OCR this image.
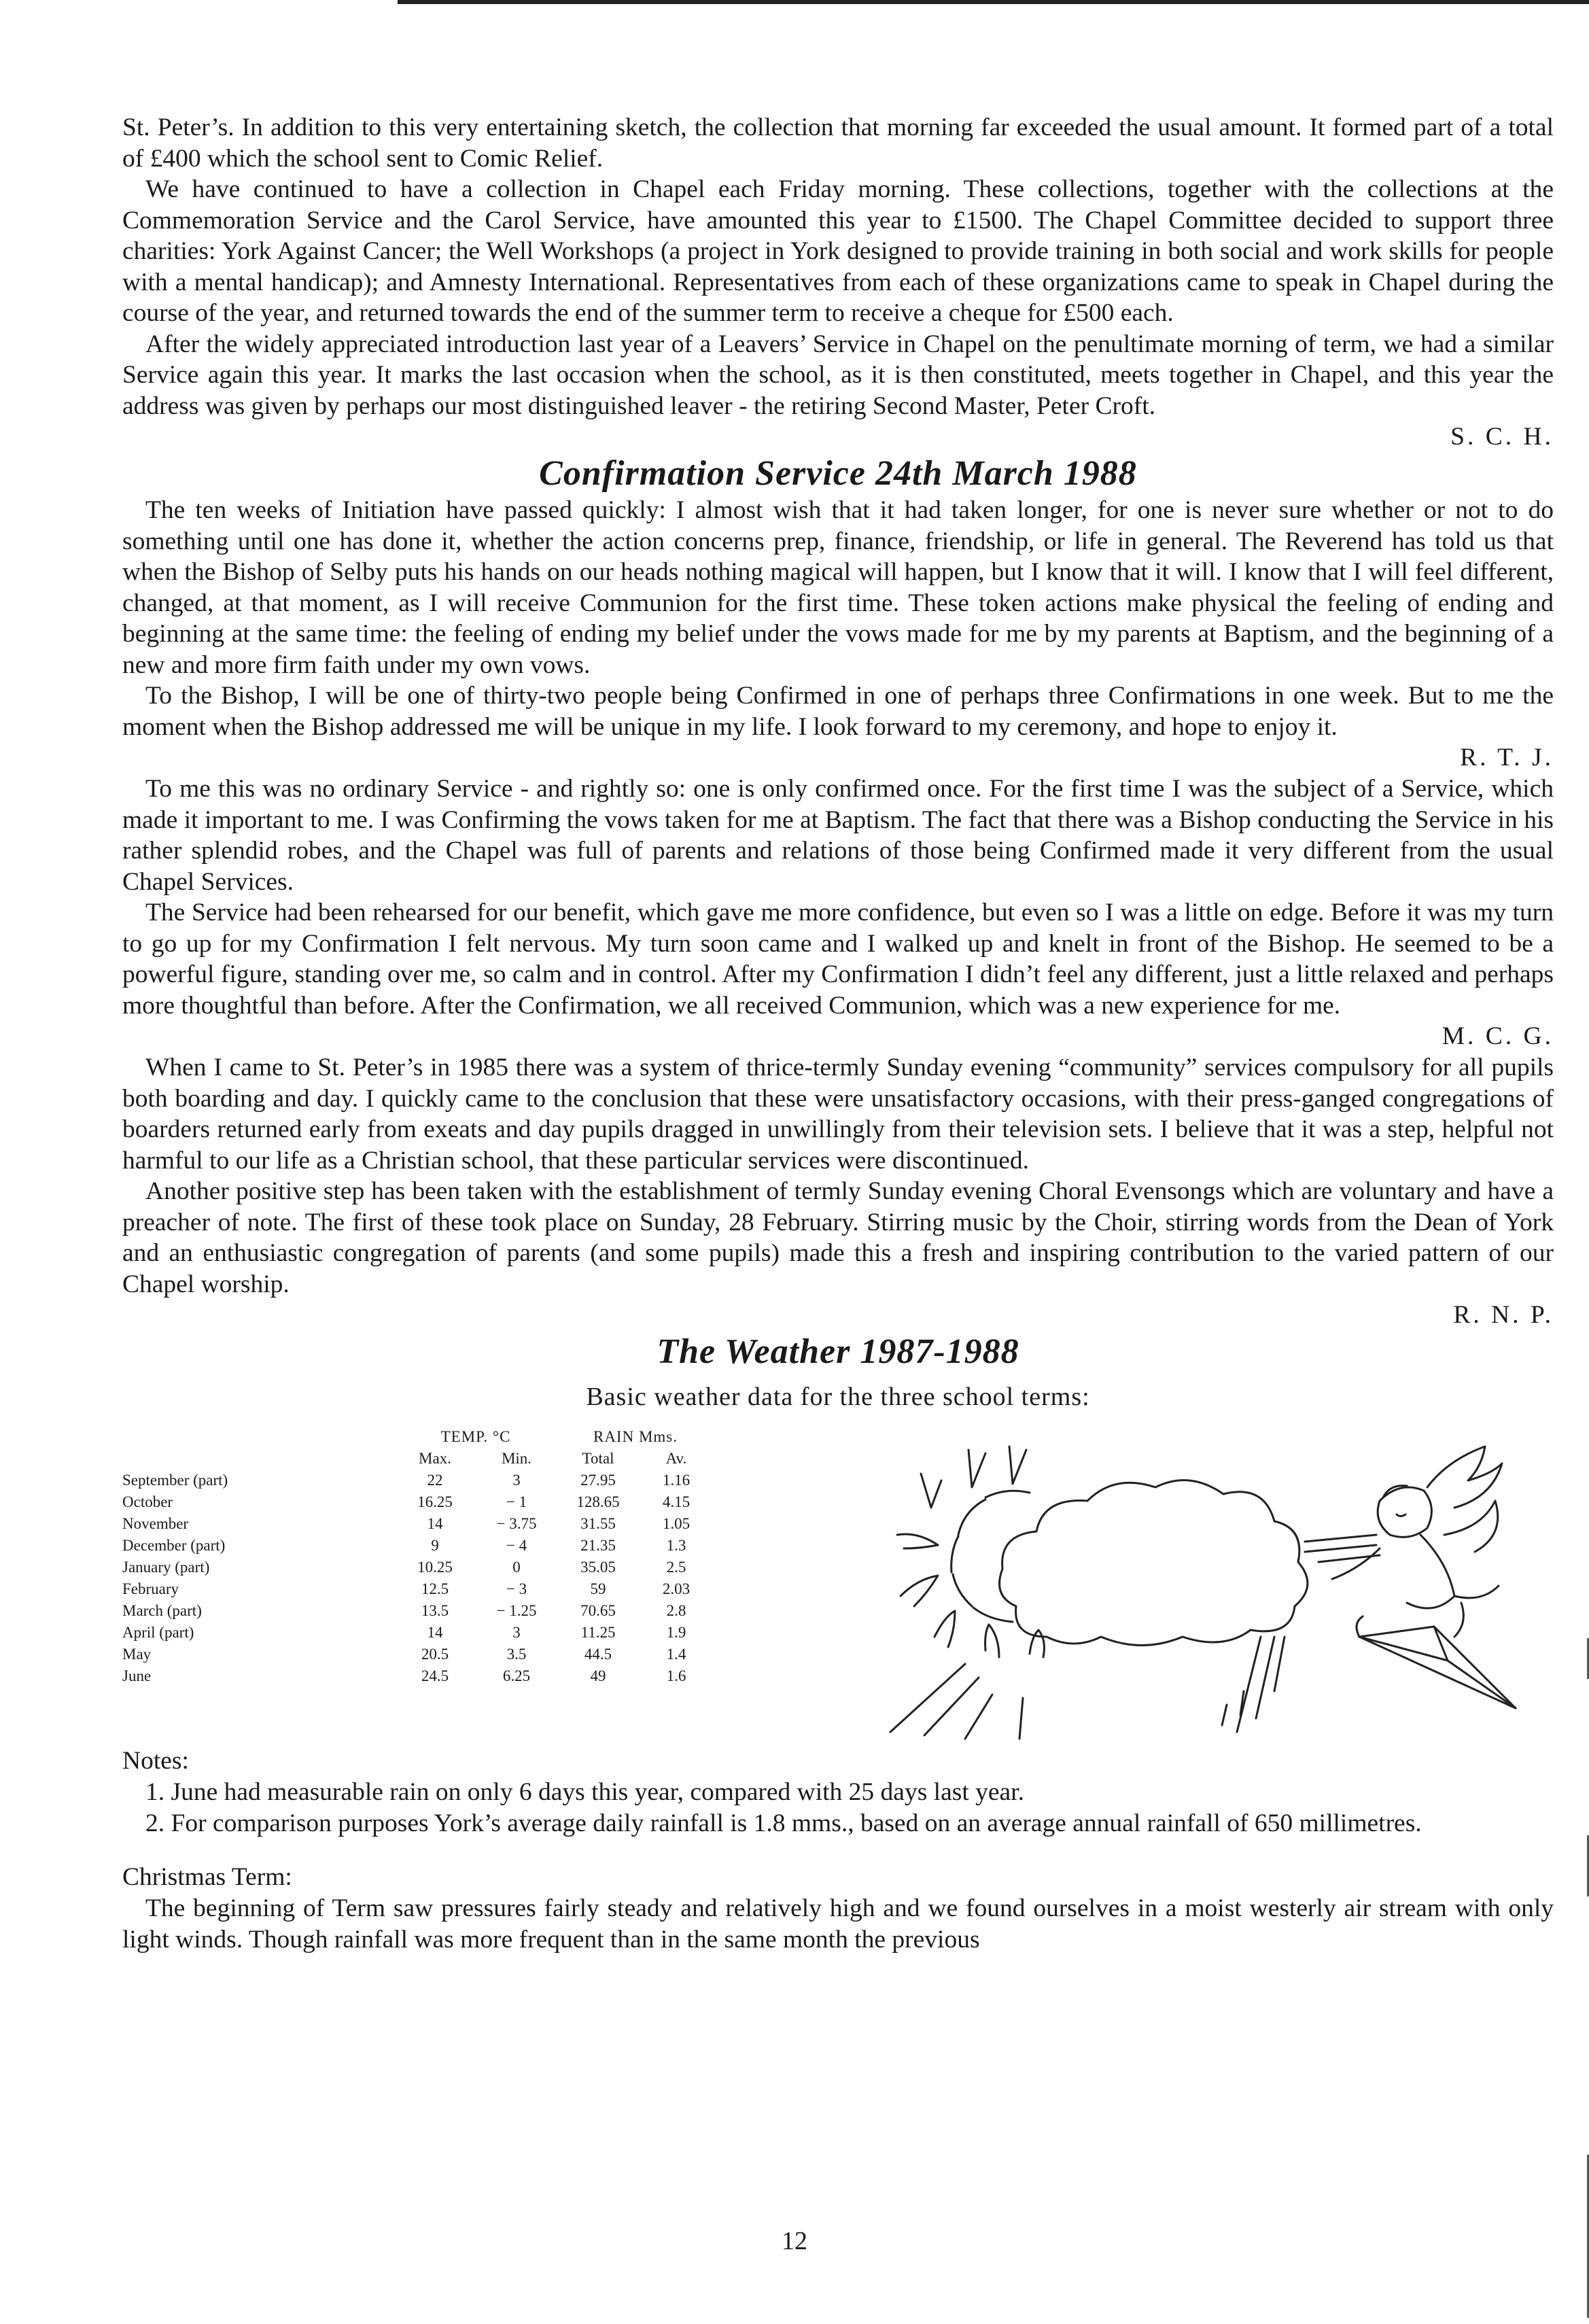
St. Peter’s. In addition to this very entertaining sketch, the collection that morning far exceeded the usual amount. It formed part of a total of £400 which the school sent to Comic Relief.

We have continued to have a collection in Chapel each Friday morning. These collections, together with the collections at the Commemoration Service and the Carol Service, have amounted this year to £1500. The Chapel Committee decided to support three charities: York Against Cancer; the Well Workshops (a project in York designed to provide training in both social and work skills for people with a mental handicap); and Amnesty International. Representatives from each of these organizations came to speak in Chapel during the course of the year, and returned towards the end of the summer term to receive a cheque for £500 each.

After the widely appreciated introduction last year of a Leavers’ Service in Chapel on the penultimate morning of term, we had a similar Service again this year. It marks the last occasion when the school, as it is then constituted, meets together in Chapel, and this year the address was given by perhaps our most distinguished leaver - the retiring Second Master, Peter Croft.

S. C. H.

Confirmation Service 24th March 1988

The ten weeks of Initiation have passed quickly: I almost wish that it had taken longer, for one is never sure whether or not to do something until one has done it, whether the action concerns prep, finance, friendship, or life in general. The Reverend has told us that when the Bishop of Selby puts his hands on our heads nothing magical will happen, but I know that it will. I know that I will feel different, changed, at that moment, as I will receive Communion for the first time. These token actions make physical the feeling of ending and beginning at the same time: the feeling of ending my belief under the vows made for me by my parents at Baptism, and the beginning of a new and more firm faith under my own vows.

To the Bishop, I will be one of thirty-two people being Confirmed in one of perhaps three Confirmations in one week. But to me the moment when the Bishop addressed me will be unique in my life. I look forward to my ceremony, and hope to enjoy it.

R. T. J.

To me this was no ordinary Service - and rightly so: one is only confirmed once. For the first time I was the subject of a Service, which made it important to me. I was Confirming the vows taken for me at Baptism. The fact that there was a Bishop conducting the Service in his rather splendid robes, and the Chapel was full of parents and relations of those being Confirmed made it very different from the usual Chapel Services.

The Service had been rehearsed for our benefit, which gave me more confidence, but even so I was a little on edge. Before it was my turn to go up for my Confirmation I felt nervous. My turn soon came and I walked up and knelt in front of the Bishop. He seemed to be a powerful figure, standing over me, so calm and in control. After my Confirmation I didn’t feel any different, just a little relaxed and perhaps more thoughtful than before. After the Confirmation, we all received Communion, which was a new experience for me.

M. C. G.

When I came to St. Peter’s in 1985 there was a system of thrice-termly Sunday evening “community” services compulsory for all pupils both boarding and day. I quickly came to the conclusion that these were unsatisfactory occasions, with their press-ganged congregations of boarders returned early from exeats and day pupils dragged in unwillingly from their television sets. I believe that it was a step, helpful not harmful to our life as a Christian school, that these particular services were discontinued.

Another positive step has been taken with the establishment of termly Sunday evening Choral Evensongs which are voluntary and have a preacher of note. The first of these took place on Sunday, 28 February. Stirring music by the Choir, stirring words from the Dean of York and an enthusiastic congregation of parents (and some pupils) made this a fresh and inspiring contribution to the varied pattern of our Chapel worship.

R. N. P.

The Weather 1987-1988
Basic weather data for the three school terms:
	TEMP. °C		RAIN Mms.	
	Max.	Min.	Total	Av.
September (part)	22	3	27.95	1.16
October	16.25	− 1	128.65	4.15
November	14	− 3.75	31.55	1.05
December (part)	9	− 4	21.35	1.3
January (part)	10.25	0	35.05	2.5
February	12.5	− 3	59	2.03
March (part)	13.5	− 1.25	70.65	2.8
April (part)	14	3	11.25	1.9
May	20.5	3.5	44.5	1.4
June	24.5	6.25	49	1.6

Notes:

1. June had measurable rain on only 6 days this year, compared with 25 days last year.
2. For comparison purposes York’s average daily rainfall is 1.8 mms., based on an average annual rainfall of 650 millimetres.

Christmas Term:

The beginning of Term saw pressures fairly steady and relatively high and we found ourselves in a moist westerly air stream with only light winds. Though rainfall was more frequent than in the same month the previous

12
